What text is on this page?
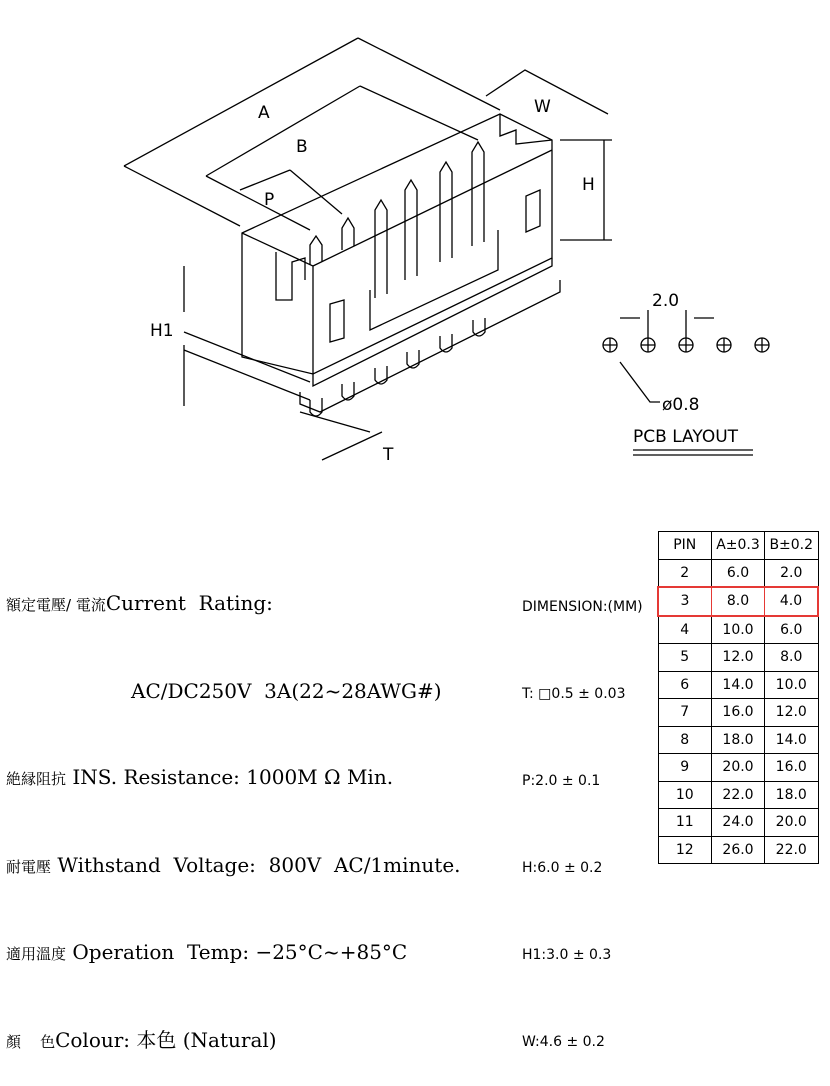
A
B
P
W
H
H1
T
2.0
ø0.8
PCB LAYOUT

額定電壓/ 電流Current  Rating:

AC/DC250V  3A(22~28AWG#)

絶縁阻抗 INS. Resistance: 1000M Ω Min.

耐電壓 Withstand  Voltage:  800V  AC/1minute.

適用溫度 Operation  Temp: −25°C~+85°C

顏    色Colour: 本色 (Natural)

DIMENSION:(MM)

T: □0.5 ± 0.03

P:2.0 ± 0.1

H:6.0 ± 0.2

H1:3.0 ± 0.3

W:4.6 ± 0.2

PIN	A±0.3	B±0.2
2	6.0	2.0
3	8.0	4.0
4	10.0	6.0
5	12.0	8.0
6	14.0	10.0
7	16.0	12.0
8	18.0	14.0
9	20.0	16.0
10	22.0	18.0
11	24.0	20.0
12	26.0	22.0
